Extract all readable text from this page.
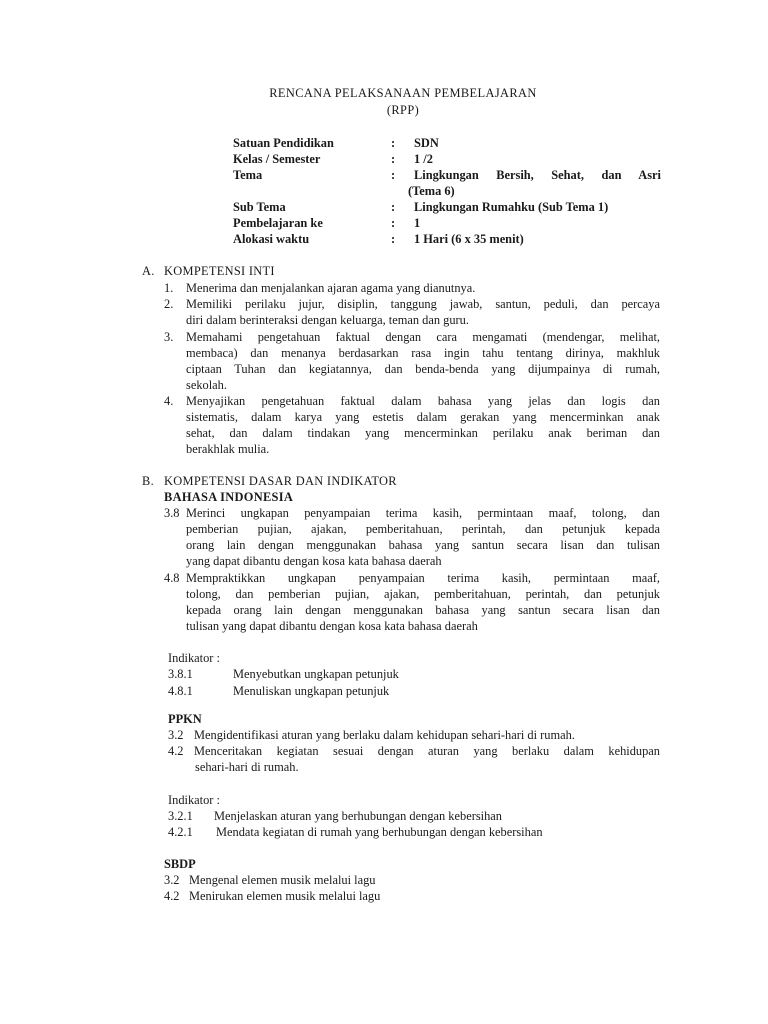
RENCANA PELAKSANAAN PEMBELAJARAN
(RPP)
Satuan Pendidikan	: SDN
Kelas / Semester	: 1 /2
Tema	: Lingkungan Bersih, Sehat, dan Asri
(Tema 6)
Sub Tema	: Lingkungan Rumahku (Sub Tema 1)
Pembelajaran ke	: 1
Alokasi waktu	: 1 Hari (6 x 35 menit)
A. KOMPETENSI INTI
1. Menerima dan menjalankan ajaran agama yang dianutnya.
2. Memiliki perilaku jujur, disiplin, tanggung jawab, santun, peduli, dan percaya
diri dalam berinteraksi dengan keluarga, teman dan guru.
3. Memahami pengetahuan faktual dengan cara mengamati (mendengar, melihat,
membaca) dan menanya berdasarkan rasa ingin tahu tentang dirinya, makhluk
ciptaan Tuhan dan kegiatannya, dan benda-benda yang dijumpainya di rumah,
sekolah.
4. Menyajikan pengetahuan faktual dalam bahasa yang jelas dan logis dan
sistematis, dalam karya yang estetis dalam gerakan yang mencerminkan anak
sehat, dan dalam tindakan yang mencerminkan perilaku anak beriman dan
berakhlak mulia.
B. KOMPETENSI DASAR DAN INDIKATOR
BAHASA INDONESIA
3.8 Merinci ungkapan penyampaian terima kasih, permintaan maaf, tolong, dan
pemberian pujian, ajakan, pemberitahuan, perintah, dan petunjuk kepada
orang lain dengan menggunakan bahasa yang santun secara lisan dan tulisan
yang dapat dibantu dengan kosa kata bahasa daerah
4.8 Mempraktikkan ungkapan penyampaian terima kasih, permintaan maaf,
tolong, dan pemberian pujian, ajakan, pemberitahuan, perintah, dan petunjuk
kepada orang lain dengan menggunakan bahasa yang santun secara lisan dan
tulisan yang dapat dibantu dengan kosa kata bahasa daerah
Indikator :
3.8.1	Menyebutkan ungkapan petunjuk
4.8.1	Menuliskan ungkapan petunjuk
PPKN
3.2 Mengidentifikasi aturan yang berlaku dalam kehidupan sehari-hari di rumah.
4.2 Menceritakan kegiatan sesuai dengan aturan yang berlaku dalam kehidupan
sehari-hari di rumah.
Indikator :
3.2.1 Menjelaskan aturan yang berhubungan dengan kebersihan
4.2.1 Mendata kegiatan di rumah yang berhubungan dengan kebersihan
SBDP
3.2 Mengenal elemen musik melalui lagu
4.2 Menirukan elemen musik melalui lagu
